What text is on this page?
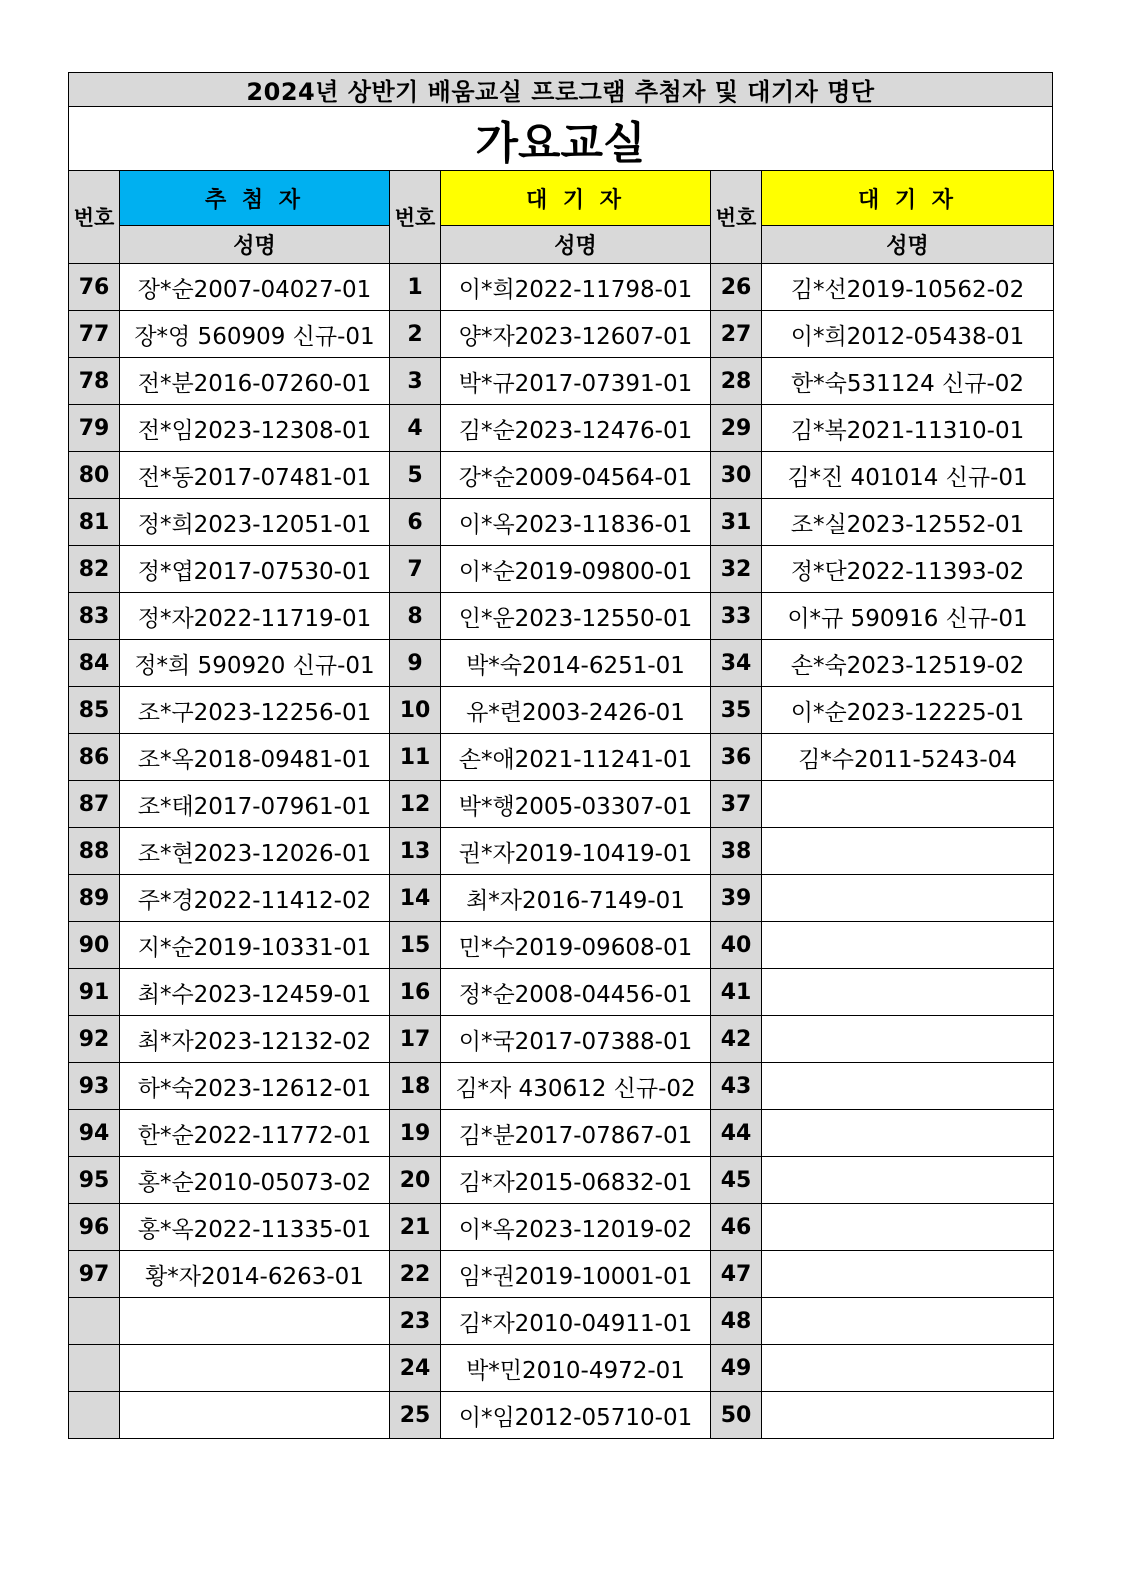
2024년 상반기 배움교실 프로그램 추첨자 및 대기자 명단
가요교실
번호	추 첨 자	번호	대 기 자	번호	대 기 자
	성명		성명		성명
76	장*순2007-04027-01	1	이*희2022-11798-01	26	김*선2019-10562-02
77	장*영 560909 신규-01	2	양*자2023-12607-01	27	이*희2012-05438-01
78	전*분2016-07260-01	3	박*규2017-07391-01	28	한*숙531124 신규-02
79	전*임2023-12308-01	4	김*순2023-12476-01	29	김*복2021-11310-01
80	전*동2017-07481-01	5	강*순2009-04564-01	30	김*진 401014 신규-01
81	정*희2023-12051-01	6	이*옥2023-11836-01	31	조*실2023-12552-01
82	정*엽2017-07530-01	7	이*순2019-09800-01	32	정*단2022-11393-02
83	정*자2022-11719-01	8	인*운2023-12550-01	33	이*규 590916 신규-01
84	정*희 590920 신규-01	9	박*숙2014-6251-01	34	손*숙2023-12519-02
85	조*구2023-12256-01	10	유*련2003-2426-01	35	이*순2023-12225-01
86	조*옥2018-09481-01	11	손*애2021-11241-01	36	김*수2011-5243-04
87	조*태2017-07961-01	12	박*행2005-03307-01	37	
88	조*현2023-12026-01	13	권*자2019-10419-01	38	
89	주*경2022-11412-02	14	최*자2016-7149-01	39	
90	지*순2019-10331-01	15	민*수2019-09608-01	40	
91	최*수2023-12459-01	16	정*순2008-04456-01	41	
92	최*자2023-12132-02	17	이*국2017-07388-01	42	
93	하*숙2023-12612-01	18	김*자 430612 신규-02	43	
94	한*순2022-11772-01	19	김*분2017-07867-01	44	
95	홍*순2010-05073-02	20	김*자2015-06832-01	45	
96	홍*옥2022-11335-01	21	이*옥2023-12019-02	46	
97	황*자2014-6263-01	22	임*권2019-10001-01	47	
		23	김*자2010-04911-01	48	
		24	박*민2010-4972-01	49	
		25	이*임2012-05710-01	50	
